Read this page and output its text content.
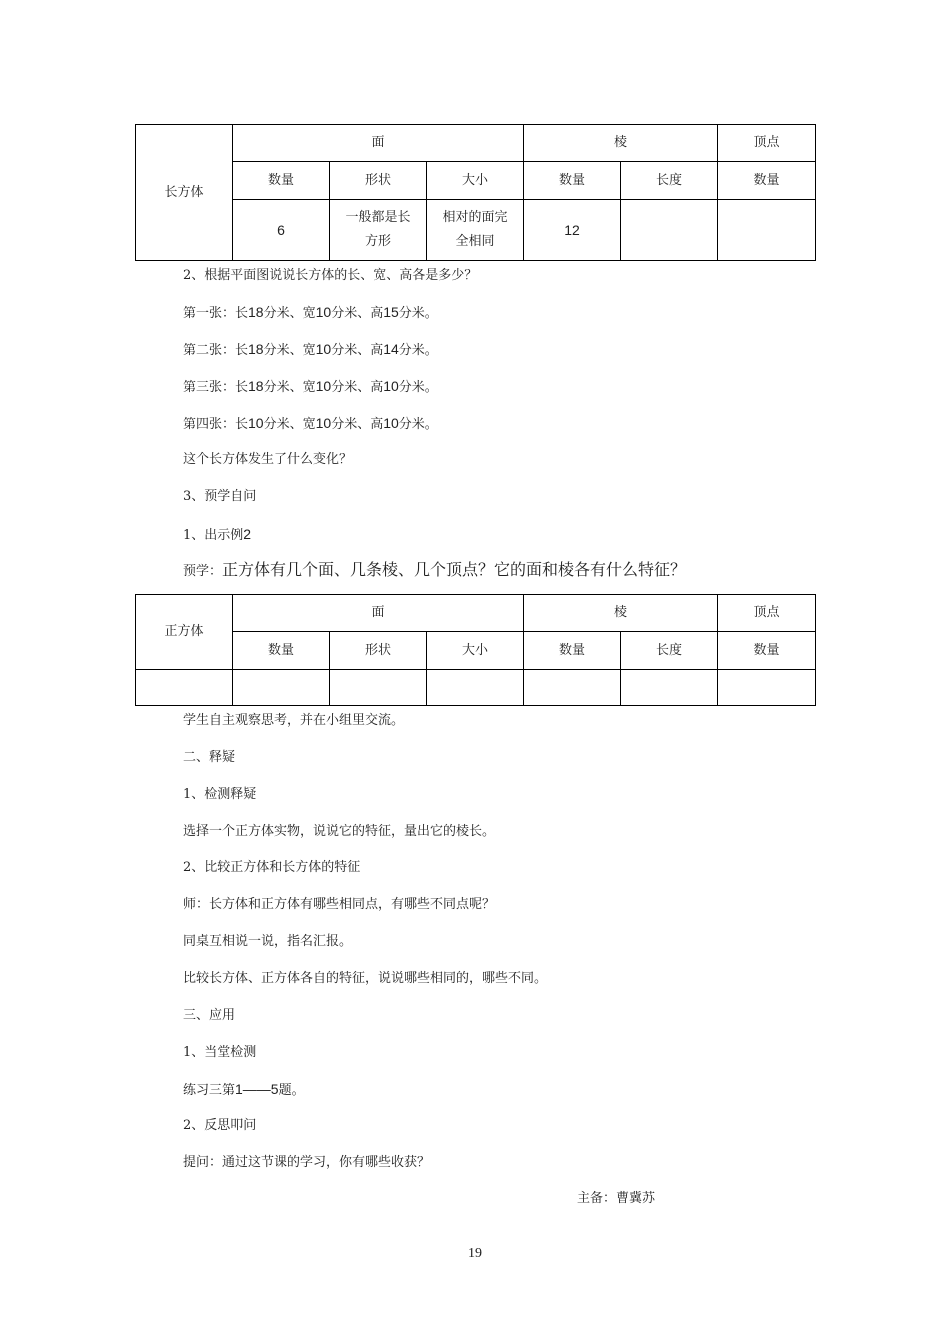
长方体	面			棱		顶点
	数量	形状	大小	数量	长度	数量
	6	一般都是长方形	相对的面完全相同	12		
2、根据平面图说说长方体的长、宽、高各是多少？
第一张：长18分米、宽10分米、高15分米。
第二张：长18分米、宽10分米、高14分米。
第三张：长18分米、宽10分米、高10分米。
第四张：长10分米、宽10分米、高10分米。
这个长方体发生了什么变化？
3、预学自问
1、出示例2
预学：正方体有几个面、几条棱、几个顶点？它的面和棱各有什么特征？
正方体	面			棱		顶点
	数量	形状	大小	数量	长度	数量

学生自主观察思考，并在小组里交流。
二、释疑
1、检测释疑
选择一个正方体实物，说说它的特征，量出它的棱长。
2、比较正方体和长方体的特征
师：长方体和正方体有哪些相同点，有哪些不同点呢？
同桌互相说一说，指名汇报。
比较长方体、正方体各自的特征，说说哪些相同的，哪些不同。
三、应用
1、当堂检测
练习三第1——5题。
2、反思叩问
提问：通过这节课的学习，你有哪些收获？
主备：曹冀苏
19
